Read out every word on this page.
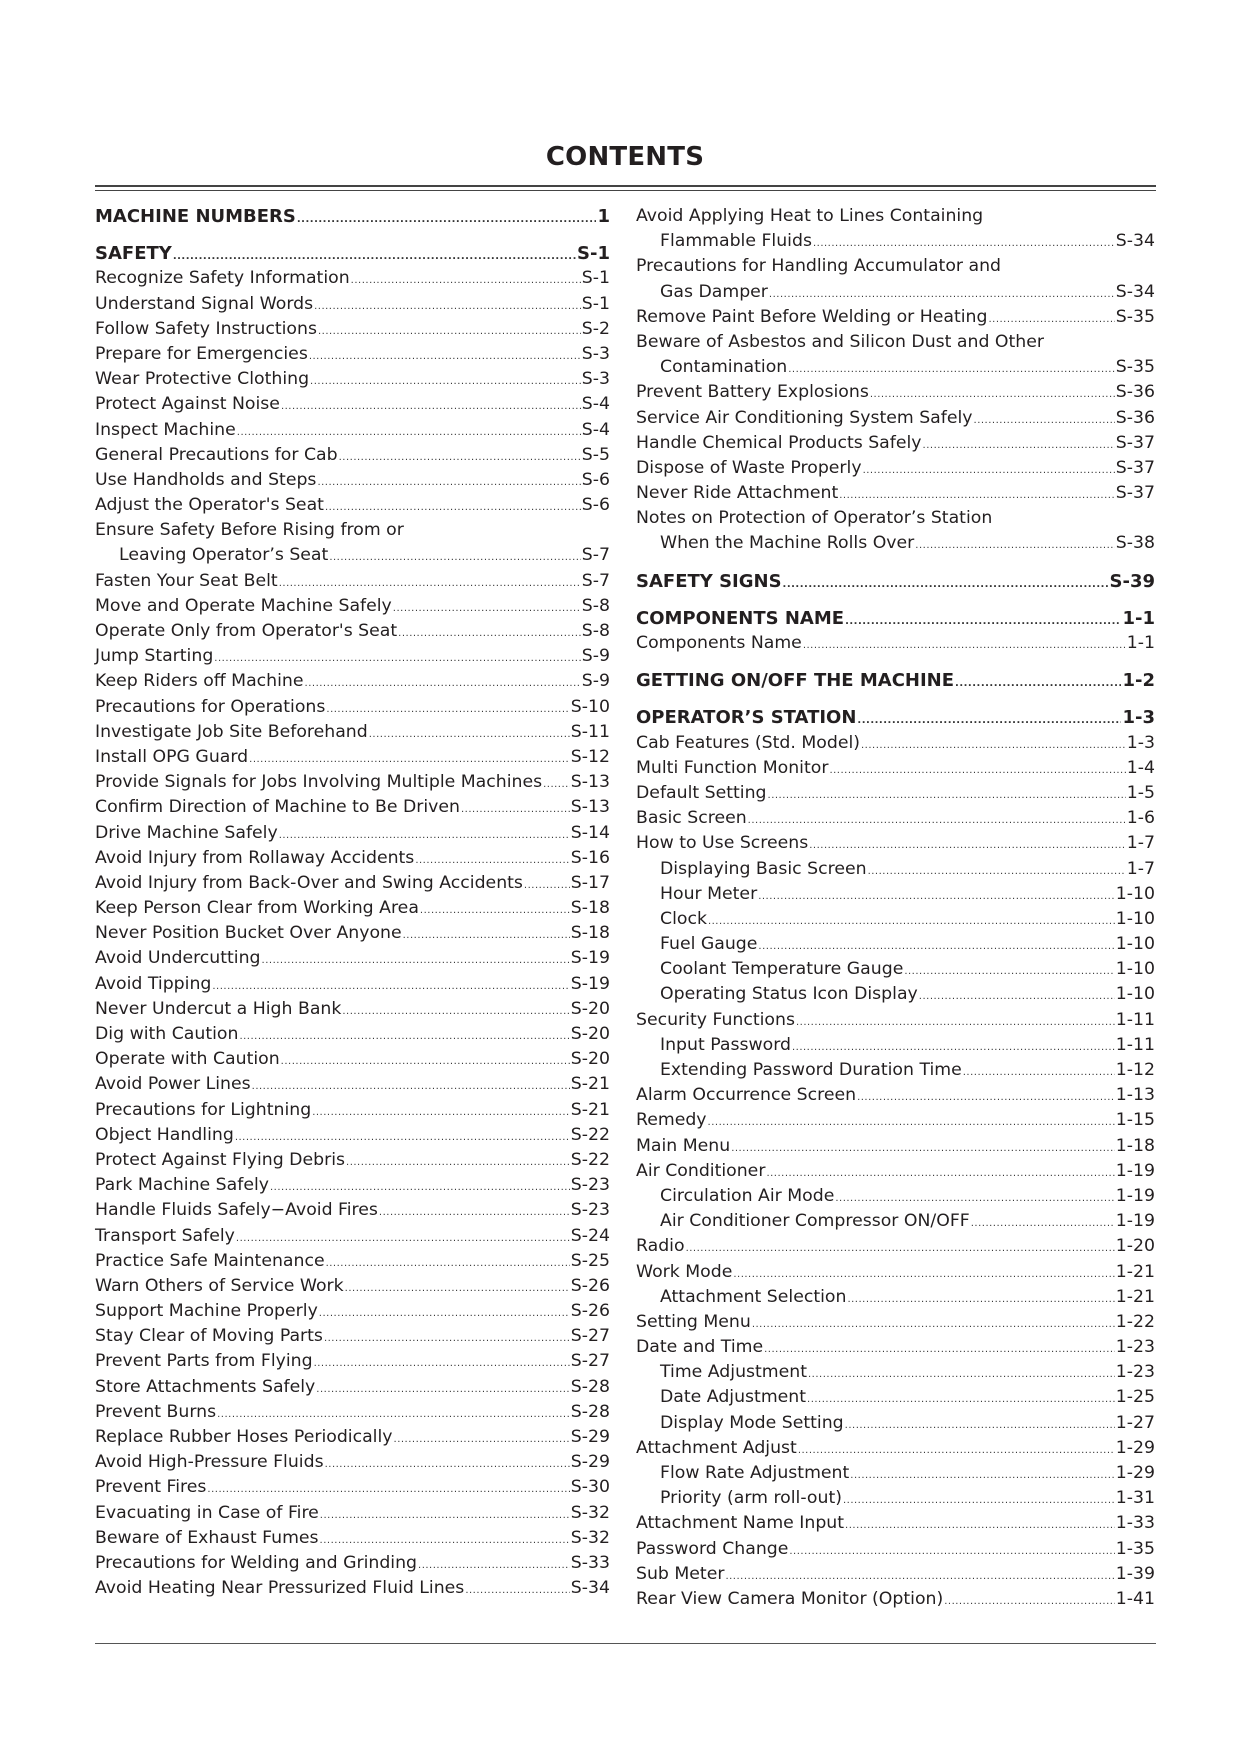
CONTENTS
MACHINE NUMBERS .....	1
SAFETY .....	S-1
Recognize Safety Information .....	S-1
Understand Signal Words .....	S-1
Follow Safety Instructions .....	S-2
Prepare for Emergencies .....	S-3
Wear Protective Clothing .....	S-3
Protect Against Noise .....	S-4
Inspect Machine .....	S-4
General Precautions for Cab .....	S-5
Use Handholds and Steps .....	S-6
Adjust the Operator's Seat .....	S-6
Ensure Safety Before Rising from or
Leaving Operator’s Seat .....	S-7
Fasten Your Seat Belt .....	S-7
Move and Operate Machine Safely .....	S-8
Operate Only from Operator's Seat .....	S-8
Jump Starting .....	S-9
Keep Riders off Machine .....	S-9
Precautions for Operations .....	S-10
Investigate Job Site Beforehand .....	S-11
Install OPG Guard .....	S-12
Provide Signals for Jobs Involving Multiple Machines ..... S-13
Confirm Direction of Machine to Be Driven .....	S-13
Drive Machine Safely .....	S-14
Avoid Injury from Rollaway Accidents .....	S-16
Avoid Injury from Back-Over and Swing Accidents .....	S-17
Keep Person Clear from Working Area .....	S-18
Never Position Bucket Over Anyone .....	S-18
Avoid Undercutting .....	S-19
Avoid Tipping .....	S-19
Never Undercut a High Bank .....	S-20
Dig with Caution .....	S-20
Operate with Caution .....	S-20
Avoid Power Lines .....	S-21
Precautions for Lightning .....	S-21
Object Handling .....	S-22
Protect Against Flying Debris .....	S-22
Park Machine Safely .....	S-23
Handle Fluids Safely−Avoid Fires .....	S-23
Transport Safely .....	S-24
Practice Safe Maintenance .....	S-25
Warn Others of Service Work .....	S-26
Support Machine Properly .....	S-26
Stay Clear of Moving Parts .....	S-27
Prevent Parts from Flying .....	S-27
Store Attachments Safely .....	S-28
Prevent Burns .....	S-28
Replace Rubber Hoses Periodically .....	S-29
Avoid High-Pressure Fluids .....	S-29
Prevent Fires .....	S-30
Evacuating in Case of Fire .....	S-32
Beware of Exhaust Fumes .....	S-32
Precautions for Welding and Grinding .....	S-33
Avoid Heating Near Pressurized Fluid Lines .....	S-34
Avoid Applying Heat to Lines Containing
Flammable Fluids .....	S-34
Precautions for Handling Accumulator and
Gas Damper .....	S-34
Remove Paint Before Welding or Heating .....	S-35
Beware of Asbestos and Silicon Dust and Other
Contamination .....	S-35
Prevent Battery Explosions .....	S-36
Service Air Conditioning System Safely .....	S-36
Handle Chemical Products Safely .....	S-37
Dispose of Waste Properly .....	S-37
Never Ride Attachment .....	S-37
Notes on Protection of Operator’s Station
When the Machine Rolls Over .....	S-38
SAFETY SIGNS .....	S-39
COMPONENTS NAME .....	1-1
Components Name .....	1-1
GETTING ON/OFF THE MACHINE .....	1-2
OPERATOR’S STATION .....	1-3
Cab Features (Std. Model) .....	1-3
Multi Function Monitor .....	1-4
Default Setting .....	1-5
Basic Screen .....	1-6
How to Use Screens .....	1-7
Displaying Basic Screen .....	1-7
Hour Meter .....	1-10
Clock .....	1-10
Fuel Gauge .....	1-10
Coolant Temperature Gauge .....	1-10
Operating Status Icon Display .....	1-10
Security Functions .....	1-11
Input Password .....	1-11
Extending Password Duration Time .....	1-12
Alarm Occurrence Screen .....	1-13
Remedy .....	1-15
Main Menu .....	1-18
Air Conditioner .....	1-19
Circulation Air Mode .....	1-19
Air Conditioner Compressor ON/OFF .....	1-19
Radio .....	1-20
Work Mode .....	1-21
Attachment Selection .....	1-21
Setting Menu .....	1-22
Date and Time .....	1-23
Time Adjustment .....	1-23
Date Adjustment .....	1-25
Display Mode Setting .....	1-27
Attachment Adjust .....	1-29
Flow Rate Adjustment .....	1-29
Priority (arm roll-out) .....	1-31
Attachment Name Input .....	1-33
Password Change .....	1-35
Sub Meter .....	1-39
Rear View Camera Monitor (Option) .....	1-41
